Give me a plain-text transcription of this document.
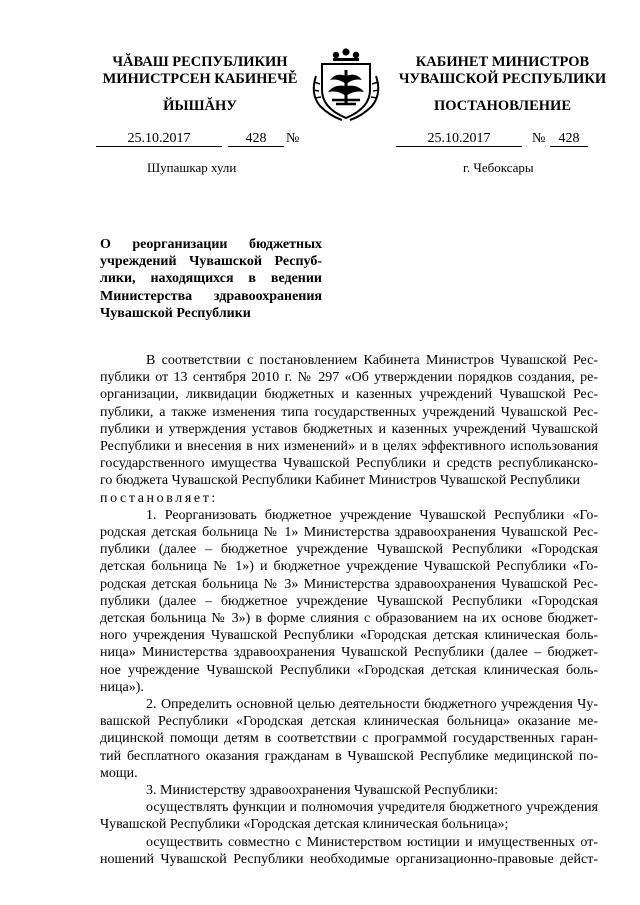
ЧĂВАШ РЕСПУБЛИКИН
МИНИСТРСЕН КАБИНЕЧĚ
ЙЫШĂНУ
КАБИНЕТ МИНИСТРОВ
ЧУВАШСКОЙ РЕСПУБЛИКИ
ПОСТАНОВЛЕНИЕ
25.10.2017	428	№	25.10.2017	№ 428
Шупашкар хули	г. Чебоксары
О реорганизации бюджетных
учреждений Чувашской Респуб-
лики, находящихся в ведении
Министерства здравоохранения
Чувашской Республики

В соответствии с постановлением Кабинета Министров Чувашской Рес-
публики от 13 сентября 2010 г. № 297 «Об утверждении порядков создания, ре-
организации, ликвидации бюджетных и казенных учреждений Чувашской Рес-
публики, а также изменения типа государственных учреждений Чувашской Рес-
публики и утверждения уставов бюджетных и казенных учреждений Чувашской
Республики и внесения в них изменений» и в целях эффективного использования
государственного имущества Чувашской Республики и средств республиканско-
го бюджета Чувашской Республики Кабинет Министров Чувашской Республики

постановляет:

1. Реорганизовать бюджетное учреждение Чувашской Республики «Го-
родская детская больница № 1» Министерства здравоохранения Чувашской Рес-
публики (далее – бюджетное учреждение Чувашской Республики «Городская
детская больница № 1») и бюджетное учреждение Чувашской Республики «Го-
родская детская больница № 3» Министерства здравоохранения Чувашской Рес-
публики (далее – бюджетное учреждение Чувашской Республики «Городская
детская больница № 3») в форме слияния с образованием на их основе бюджет-
ного учреждения Чувашской Республики «Городская детская клиническая боль-
ница» Министерства здравоохранения Чувашской Республики (далее – бюджет-
ное учреждение Чувашской Республики «Городская детская клиническая боль-
ница»).

2. Определить основной целью деятельности бюджетного учреждения Чу-
вашской Республики «Городская детская клиническая больница» оказание ме-
дицинской помощи детям в соответствии с программой государственных гаран-
тий бесплатного оказания гражданам в Чувашской Республике медицинской по-
мощи.

3. Министерству здравоохранения Чувашской Республики:

осуществлять функции и полномочия учредителя бюджетного учреждения
Чувашской Республики «Городская детская клиническая больница»;

осуществить совместно с Министерством юстиции и имущественных от-
ношений Чувашской Республики необходимые организационно-правовые дейст-
